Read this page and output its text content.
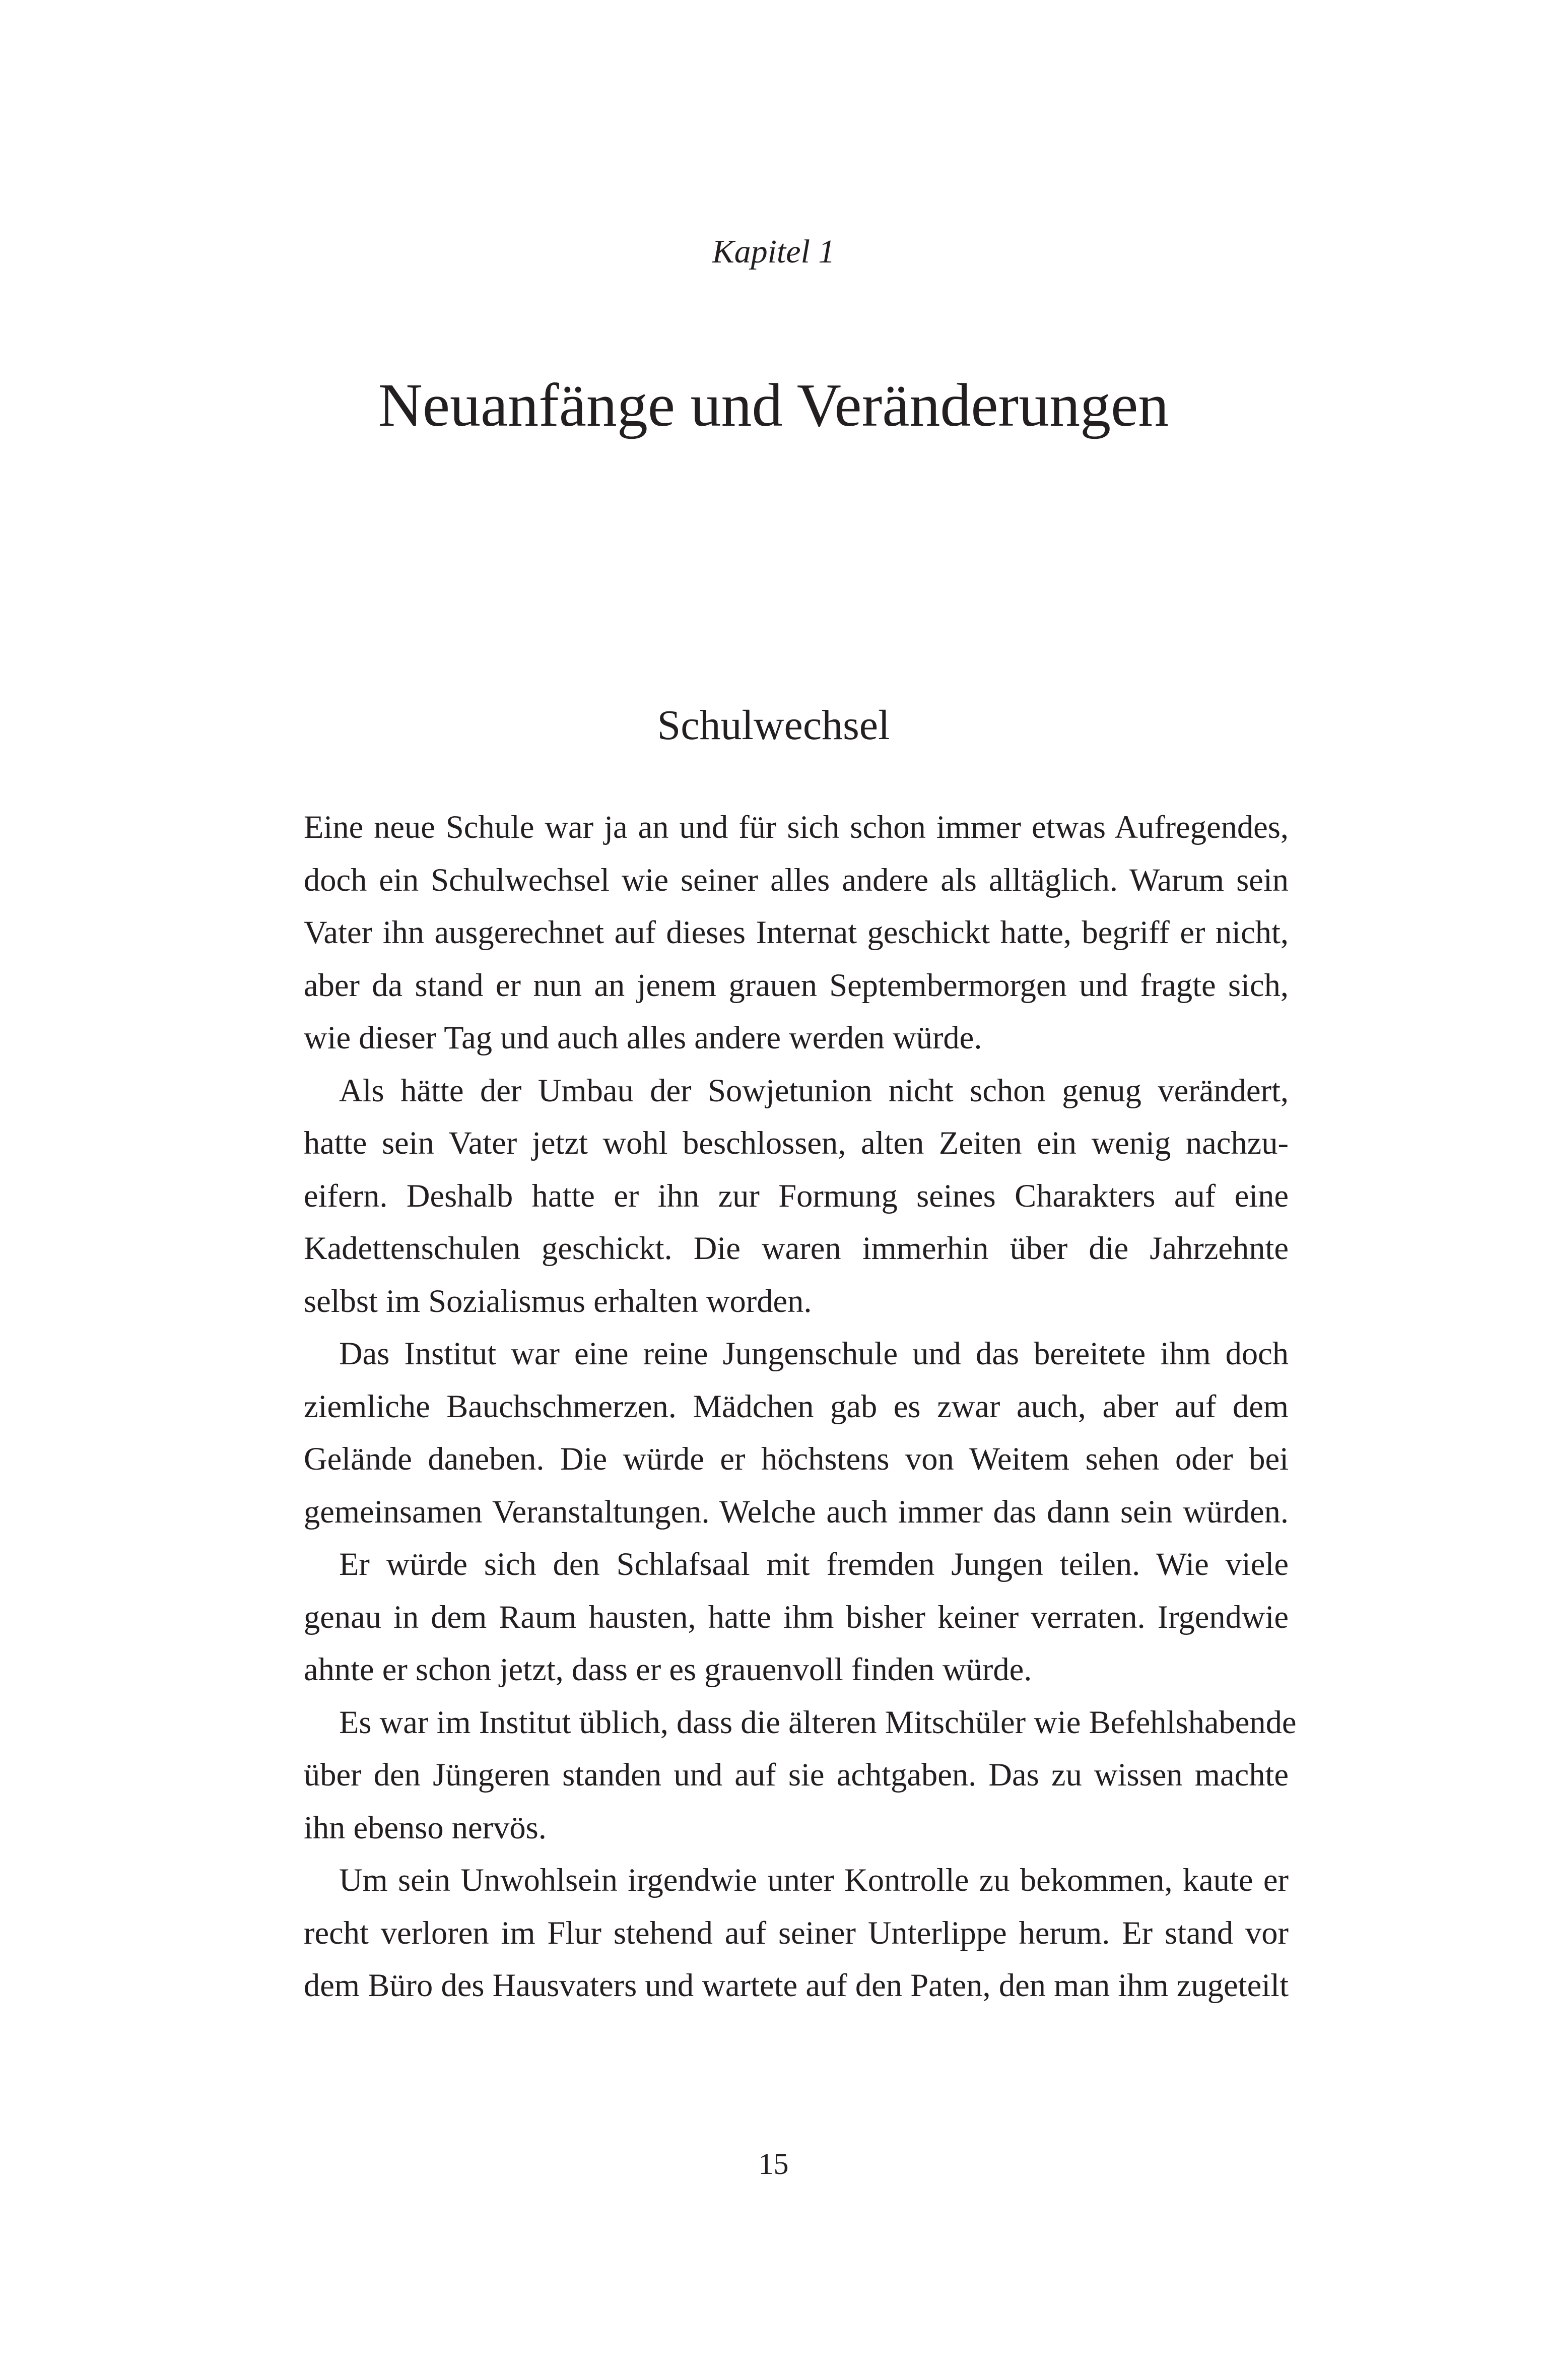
Kapitel 1
Neuanfänge und Veränderungen
Schulwechsel
Eine neue Schule war ja an und für sich schon immer etwas Aufregendes,
doch ein Schulwechsel wie seiner alles andere als alltäglich. Warum sein
Vater ihn ausgerechnet auf dieses Internat geschickt hatte, begriff er nicht,
aber da stand er nun an jenem grauen Septembermorgen und fragte sich,
wie dieser Tag und auch alles andere werden würde.
Als hätte der Umbau der Sowjetunion nicht schon genug verändert,
hatte sein Vater jetzt wohl beschlossen, alten Zeiten ein wenig nachzu-
eifern. Deshalb hatte er ihn zur Formung seines Charakters auf eine
Kadettenschulen geschickt. Die waren immerhin über die Jahrzehnte
selbst im Sozialismus erhalten worden.
Das Institut war eine reine Jungenschule und das bereitete ihm doch
ziemliche Bauchschmerzen. Mädchen gab es zwar auch, aber auf dem
Gelände daneben. Die würde er höchstens von Weitem sehen oder bei
gemeinsamen Veranstaltungen. Welche auch immer das dann sein würden.
Er würde sich den Schlafsaal mit fremden Jungen teilen. Wie viele
genau in dem Raum hausten, hatte ihm bisher keiner verraten. Irgendwie
ahnte er schon jetzt, dass er es grauenvoll finden würde.
Es war im Institut üblich, dass die älteren Mitschüler wie Befehlshabende
über den Jüngeren standen und auf sie achtgaben. Das zu wissen machte
ihn ebenso nervös.
Um sein Unwohlsein irgendwie unter Kontrolle zu bekommen, kaute er
recht verloren im Flur stehend auf seiner Unterlippe herum. Er stand vor
dem Büro des Hausvaters und wartete auf den Paten, den man ihm zugeteilt
15
